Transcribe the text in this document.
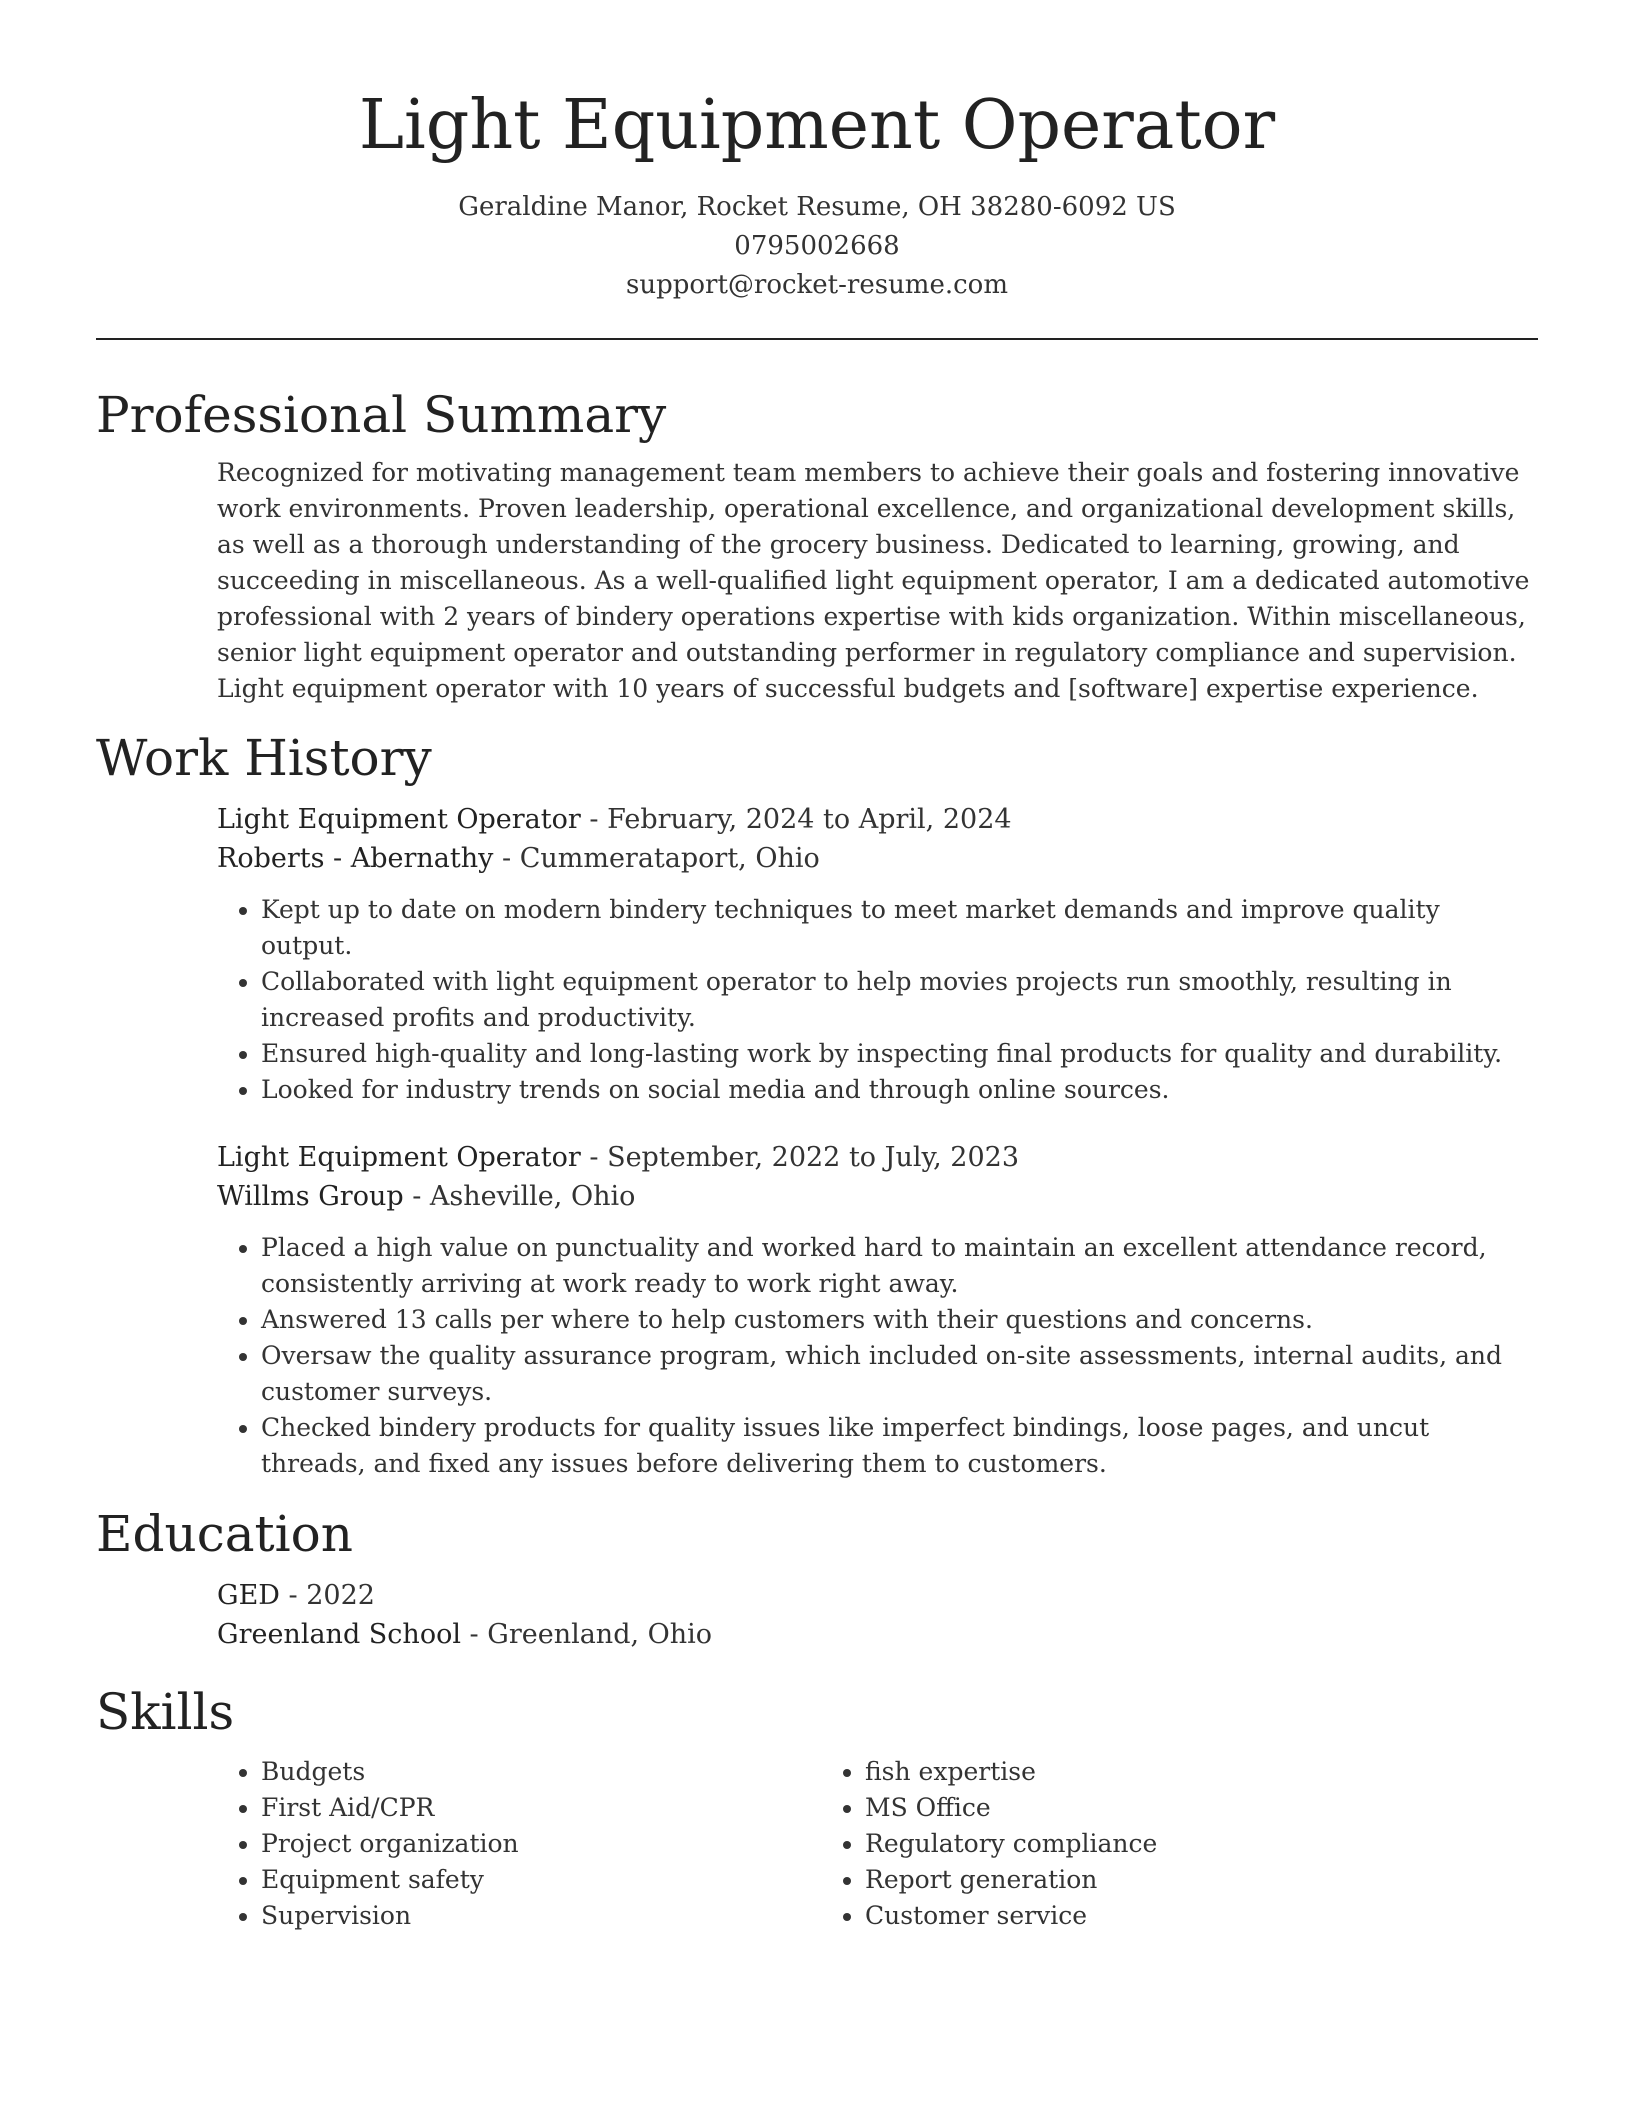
Light Equipment Operator
Geraldine Manor, Rocket Resume, OH 38280-6092 US
0795002668
support@rocket-resume.com
Professional Summary
Recognized for motivating management team members to achieve their goals and fostering innovative work environments. Proven leadership, operational excellence, and organizational development skills, as well as a thorough understanding of the grocery business. Dedicated to learning, growing, and succeeding in miscellaneous. As a well-qualified light equipment operator, I am a dedicated automotive professional with 2 years of bindery operations expertise with kids organization. Within miscellaneous, senior light equipment operator and outstanding performer in regulatory compliance and supervision. Light equipment operator with 10 years of successful budgets and [software] expertise experience.
Work History
Light Equipment Operator - February, 2024 to April, 2024
Roberts - Abernathy - Cummerataport, Ohio
• Kept up to date on modern bindery techniques to meet market demands and improve quality output.
• Collaborated with light equipment operator to help movies projects run smoothly, resulting in increased profits and productivity.
• Ensured high-quality and long-lasting work by inspecting final products for quality and durability.
• Looked for industry trends on social media and through online sources.
Light Equipment Operator - September, 2022 to July, 2023
Willms Group - Asheville, Ohio
• Placed a high value on punctuality and worked hard to maintain an excellent attendance record, consistently arriving at work ready to work right away.
• Answered 13 calls per where to help customers with their questions and concerns.
• Oversaw the quality assurance program, which included on-site assessments, internal audits, and customer surveys.
• Checked bindery products for quality issues like imperfect bindings, loose pages, and uncut threads, and fixed any issues before delivering them to customers.
Education
GED - 2022
Greenland School - Greenland, Ohio
Skills
• Budgets
• First Aid/CPR
• Project organization
• Equipment safety
• Supervision
• fish expertise
• MS Office
• Regulatory compliance
• Report generation
• Customer service
